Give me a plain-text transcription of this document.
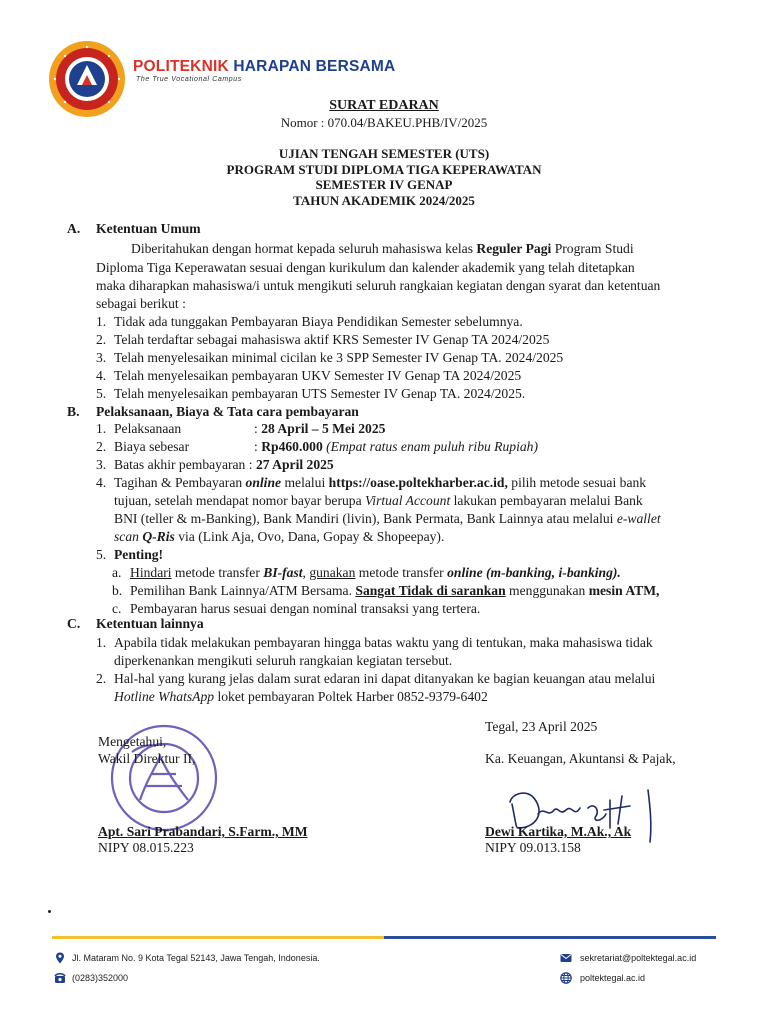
POLITEKNIK HARAPAN BERSAMA
The True Vocational Campus
SURAT EDARAN
Nomor : 070.04/BAKEU.PHB/IV/2025
UJIAN TENGAH SEMESTER (UTS)
PROGRAM STUDI DIPLOMA TIGA KEPERAWATAN
SEMESTER IV GENAP
TAHUN AKADEMIK 2024/2025
A. Ketentuan Umum
Diberitahukan dengan hormat kepada seluruh mahasiswa kelas Reguler Pagi Program Studi
Diploma Tiga Keperawatan sesuai dengan kurikulum dan kalender akademik yang telah ditetapkan
maka diharapkan mahasiswa/i untuk mengikuti seluruh rangkaian kegiatan dengan syarat dan ketentuan
sebagai berikut :
1. Tidak ada tunggakan Pembayaran Biaya Pendidikan Semester sebelumnya.
2. Telah terdaftar sebagai mahasiswa aktif KRS Semester IV Genap TA 2024/2025
3. Telah menyelesaikan minimal cicilan ke 3 SPP Semester IV Genap TA. 2024/2025
4. Telah menyelesaikan pembayaran UKV Semester IV Genap TA 2024/2025
5. Telah menyelesaikan pembayaran UTS Semester IV Genap TA. 2024/2025.
B. Pelaksanaan, Biaya & Tata cara pembayaran
1. Pelaksanaan	: 28 April – 5 Mei 2025
2. Biaya sebesar	: Rp460.000 (Empat ratus enam puluh ribu Rupiah)
3. Batas akhir pembayaran : 27 April 2025
4. Tagihan & Pembayaran online melalui https://oase.poltekharber.ac.id, pilih metode sesuai bank
tujuan, setelah mendapat nomor bayar berupa Virtual Account lakukan pembayaran melalui Bank
BNI (teller & m-Banking), Bank Mandiri (livin), Bank Permata, Bank Lainnya atau melalui e-wallet
scan Q-Ris via (Link Aja, Ovo, Dana, Gopay & Shopeepay).
5. Penting!
a. Hindari metode transfer BI-fast, gunakan metode transfer online (m-banking, i-banking).
b. Pemilihan Bank Lainnya/ATM Bersama. Sangat Tidak di sarankan menggunakan mesin ATM,
c. Pembayaran harus sesuai dengan nominal transaksi yang tertera.
C. Ketentuan lainnya
1. Apabila tidak melakukan pembayaran hingga batas waktu yang di tentukan, maka mahasiswa tidak
diperkenankan mengikuti seluruh rangkaian kegiatan tersebut.
2. Hal-hal yang kurang jelas dalam surat edaran ini dapat ditanyakan ke bagian keuangan atau melalui
Hotline WhatsApp loket pembayaran Poltek Harber 0852-9379-6402
Mengetahui,
Wakil Direktur II,
Apt. Sari Prabandari, S.Farm., MM
NIPY 08.015.223
Tegal, 23 April 2025
Ka. Keuangan, Akuntansi & Pajak,
Dewi Kartika, M.Ak., Ak
NIPY 09.013.158
Jl. Mataram No. 9 Kota Tegal 52143, Jawa Tengah, Indonesia.
(0283)352000
sekretariat@poltektegal.ac.id
poltektegal.ac.id
